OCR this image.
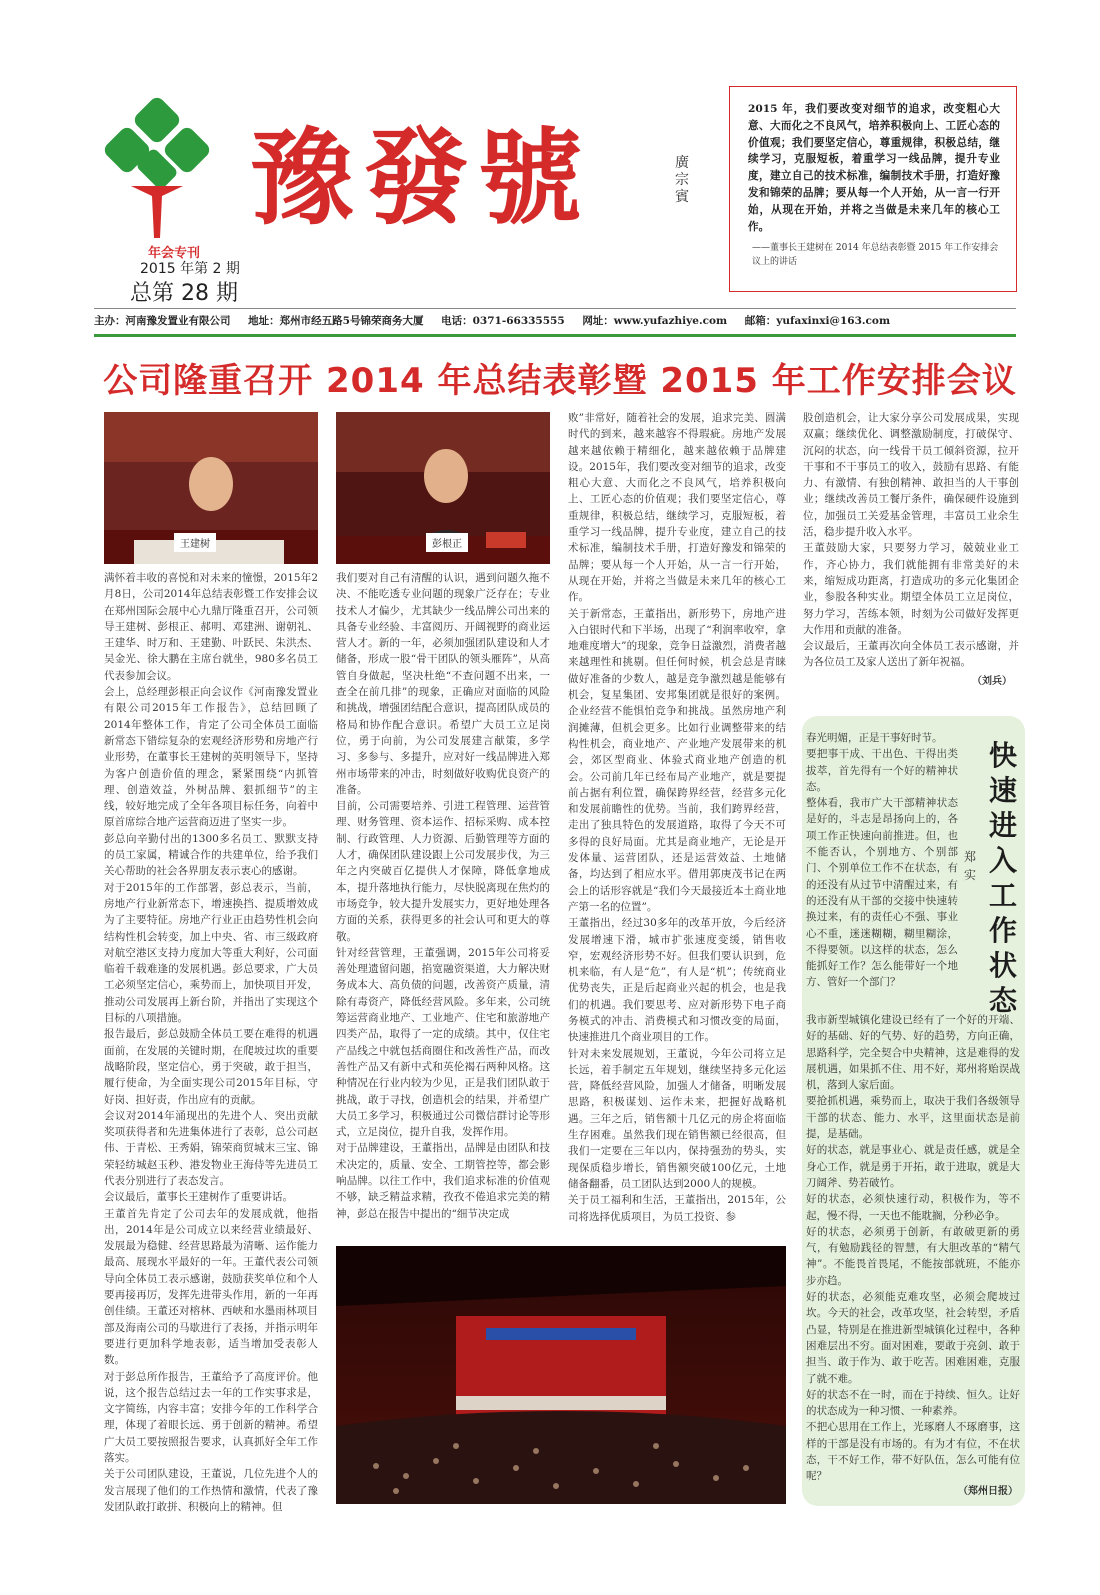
豫發號	廣宗賓
年会专刊
2015 年第 2 期
总第 28 期
2015 年，我们要改变对细节的追求，改变粗心大意、大而化之不良风气，培养积极向上、工匠心态的价值观；我们要坚定信心，尊重规律，积极总结，继续学习，克服短板，着重学习一线品牌，提升专业度，建立自己的技术标准，编制技术手册，打造好豫发和锦荣的品牌；要从每一个人开始，从一言一行开始，从现在开始，并将之当做是未来几年的核心工作。
——董事长王建树在 2014 年总结表彰暨 2015 年工作安排会议上的讲话
主办：河南豫发置业有限公司 地址：郑州市经五路5号锦荣商务大厦 电话：0371-66335555 网址：www.yufazhiye.com 邮箱：yufaxinxi@163.com
公司隆重召开 2014 年总结表彰暨 2015 年工作安排会议
王建树	彭根正
满怀着丰收的喜悦和对未来的憧憬，2015年2月8日，公司2014年总结表彰暨工作安排会议在郑州国际会展中心九鼎厅隆重召开，公司领导王建树、彭根正、郝明、邓建洲、谢朝礼、王建华、时万和、王建勤、叶跃民、朱洪杰、吴金光、徐大鹏在主席台就坐，980多名员工代表参加会议。
会上，总经理彭根正向会议作《河南豫发置业有限公司2015年工作报告》，总结回顾了2014年整体工作，肯定了公司全体员工面临新常态下错综复杂的宏观经济形势和房地产行业形势，在董事长王建树的英明领导下，坚持为客户创造价值的理念，紧紧围绕“内抓管理、创造效益，外树品牌、狠抓细节”的主线，较好地完成了全年各项目标任务，向着中原首席综合地产运营商迈进了坚实一步。
彭总向辛勤付出的1300多名员工、默默支持的员工家属，精诚合作的共建单位，给予我们关心帮助的社会各界朋友表示衷心的感谢。
对于2015年的工作部署，彭总表示，当前，房地产行业新常态下，增速换挡、提质增效成为了主要特征。房地产行业正由趋势性机会向结构性机会转变，加上中央、省、市三级政府对航空港区支持力度加大等重大利好，公司面临着千载难逢的发展机遇。彭总要求，广大员工必须坚定信心，乘势而上，加快项目开发，推动公司发展再上新台阶，并指出了实现这个目标的八项措施。
报告最后，彭总鼓励全体员工要在难得的机遇面前，在发展的关键时期，在爬坡过坎的重要战略阶段，坚定信心，勇于突破，敢于担当，履行使命，为全面实现公司2015年目标，守好岗、担好责，作出应有的贡献。
会议对2014年涌现出的先进个人、突出贡献奖项获得者和先进集体进行了表彰，总公司赵伟、于青松、王秀娟，锦荣商贸城末三宝、锦荣轻纺城赵玉秒、港发物业王海侍等先进员工代表分别进行了表态发言。
会议最后，董事长王建树作了重要讲话。
王董首先肯定了公司去年的发展成就，他指出，2014年是公司成立以来经营业绩最好、发展最为稳健、经营思路最为清晰、运作能力最高、展现水平最好的一年。王董代表公司领导向全体员工表示感谢，鼓励获奖单位和个人要再接再厉，发挥先进带头作用，新的一年再创佳绩。王董还对榕林、西峡和水墨雨林项目部及海南公司的马歇进行了表扬，并指示明年要进行更加科学地表彰，适当增加受表彰人数。
对于彭总所作报告，王董给予了高度评价。他说，这个报告总结过去一年的工作实事求是，文字简练，内容丰富；安排今年的工作科学合理，体现了着眼长远、勇于创新的精神。希望广大员工要按照报告要求，认真抓好全年工作落实。
关于公司团队建设，王董说，几位先进个人的发言展现了他们的工作热情和激情，代表了豫发团队敢打敢拼、积极向上的精神。但
我们要对自己有清醒的认识，遇到问题久拖不决、不能吃透专业问题的现象广泛存在；专业技术人才偏少，尤其缺少一线品牌公司出来的具备专业经验、丰富阅历、开阔视野的商业运营人才。新的一年，必须加强团队建设和人才储备，形成一股“骨干团队的领头雁阵”，从高管自身做起，坚决杜绝“不查问题不出来，一查全在前几排”的现象，正确应对面临的风险和挑战，增强团结配合意识，提高团队成员的格局和协作配合意识。希望广大员工立足岗位，勇于向前，为公司发展建言献策，多学习、多参与、多提升，应对好一线品牌进入郑州市场带来的冲击，时刻做好收购优良资产的准备。
目前，公司需要培养、引进工程管理、运营管理、财务管理、资本运作、招标采购、成本控制、行政管理、人力资源、后勤管理等方面的人才，确保团队建设跟上公司发展步伐，为三年之内突破百亿提供人才保障，降低拿地成本，提升落地执行能力，尽快脱离现在焦灼的市场竞争，较大提升发展实力，更好地处理各方面的关系，获得更多的社会认可和更大的尊敬。
针对经营管理，王董强调，2015年公司将妥善处理遗留问题，掐宽融资渠道，大力解决财务成本大、高负债的问题，改善资产质量，清除有毒资产，降低经营风险。多年来，公司统筹运营商业地产、工业地产、住宅和旅游地产四类产品，取得了一定的成绩。其中，仅住宅产品线之中就包括商圈住和改善性产品，而改善性产品又有新中式和英伦褐石两种风格。这种情况在行业内较为少见，正是我们团队敢于挑战，敢于寻找，创造机会的结果，并希望广大员工多学习，积极通过公司微信群讨论等形式，立足岗位，提升自我，发挥作用。
对于品牌建设，王董指出，品牌是由团队和技术决定的，质量、安全、工期管控等，都会影响品牌。以往工作中，我们追求标准的价值观不够，缺乏精益求精，孜孜不倦追求完美的精神，彭总在报告中提出的“细节决定成
败”非常好，随着社会的发展，追求完美、圆满时代的到来，越来越容不得瑕疵。房地产发展越来越依赖于精细化，越来越依赖于品牌建设。2015年，我们要改变对细节的追求，改变粗心大意、大而化之不良风气，培养积极向上、工匠心态的价值观；我们要坚定信心，尊重规律，积极总结，继续学习，克服短板，着重学习一线品牌，提升专业度，建立自己的技术标准，编制技术手册，打造好豫发和锦荣的品牌；要从每一个人开始，从一言一行开始，从现在开始，并将之当做是未来几年的核心工作。
关于新常态，王董指出，新形势下，房地产进入白银时代和下半场，出现了“利润率收窄，拿地难度增大”的现象，竞争日益激烈，消费者越来越理性和挑剔。但任何时候，机会总是青睐做好准备的少数人，越是竞争激烈越是能够有机会，复星集团、安邦集团就是很好的案例。企业经营不能惧怕竞争和挑战。虽然房地产利润摊薄，但机会更多。比如行业调整带来的结构性机会，商业地产、产业地产发展带来的机会，郊区型商业、体验式商业地产创造的机会。公司前几年已经布局产业地产，就是要提前占据有利位置，确保跨界经营，经营多元化和发展前瞻性的优势。当前，我们跨界经营，走出了独具特色的发展道路，取得了今天不可多得的良好局面。尤其是商业地产，无论是开发体量、运营团队，还是运营效益、土地储备，均达到了相应水平。借用郭庚茂书记在两会上的话形容就是“我们今天最接近本土商业地产第一名的位置”。
王董指出，经过30多年的改革开放，今后经济发展增速下滑，城市扩张速度变缓，销售收窄，宏观经济形势不好。但我们要认识到，危机来临，有人是“危”，有人是“机”；传统商业优势丧失，正是后起商业兴起的机会，也是我们的机遇。我们要思考、应对新形势下电子商务模式的冲击、消费模式和习惯改变的局面，快速推进几个商业项目的工作。
针对未来发展规划，王董说，今年公司将立足长远，着手制定五年规划，继续坚持多元化运营，降低经营风险，加强人才储备，明晰发展思路，积极谋划、运作未来，把握好战略机遇。三年之后，销售额十几亿元的房企将面临生存困难。虽然我们现在销售额已经很高，但我们一定要在三年以内，保持强劲的势头，实现保质稳步增长，销售额突破100亿元，土地储备翻番，员工团队达到2000人的规模。
关于员工福利和生活，王董指出，2015年，公司将选择优质项目，为员工投资、参
股创造机会，让大家分享公司发展成果，实现双赢；继续优化、调整激励制度，打破保守、沉闷的状态，向一线骨干员工倾斜资源，拉开干事和不干事员工的收入，鼓励有思路、有能力、有激情、有独创精神、敢担当的人干事创业；继续改善员工餐厅条件，确保硬件设施到位，加强员工关爱基金管理，丰富员工业余生活，稳步提升收入水平。
王董鼓励大家，只要努力学习，兢兢业业工作，齐心协力，我们就能拥有非常美好的未来，缩短成功距离，打造成功的多元化集团企业，参股各种实业。期望全体员工立足岗位，努力学习，苦练本领，时刻为公司做好发挥更大作用和贡献的准备。
会议最后，王董再次向全体员工表示感谢，并为各位员工及家人送出了新年祝福。
（刘兵）
快速进入工作状态
郑实
春光明媚，正是干事好时节。
要把事干成、干出色、干得出类拔萃，首先得有一个好的精神状态。
整体看，我市广大干部精神状态是好的，斗志是昂扬向上的，各项工作正快速向前推进。但，也不能否认，个别地方、个别部门、个别单位工作不在状态，有的还没有从过节中清醒过来，有的还没有从干部的交接中快速转换过来，有的责任心不强、事业心不重，迷迷糊糊，糊里糊涂，不得要领。以这样的状态，怎么能抓好工作？怎么能带好一个地方、管好一个部门？
我市新型城镇化建设已经有了一个好的开端、好的基础、好的气势、好的趋势，方向正确，思路科学，完全契合中央精神，这是难得的发展机遇，如果抓不住、用不好，郑州将贻误战机，落到人家后面。
要抢抓机遇，乘势而上，取决于我们各级领导干部的状态、能力、水平，这里面状态是前提，是基础。
好的状态，就是事业心、就是责任感，就是全身心工作，就是勇于开拓，敢于进取，就是大刀阔斧、势若破竹。
好的状态，必须快速行动，积极作为，等不起，慢不得，一天也不能耽搁，分秒必争。
好的状态，必须勇于创新，有敢破更新的勇气，有勉励践径的智慧，有大胆改革的“精气神”。不能畏首畏尾，不能按部就班，不能亦步亦趋。
好的状态，必须能克难攻坚，必须会爬坡过坎。今天的社会，改革攻坚，社会转型，矛盾凸显，特别是在推进新型城镇化过程中，各种困难层出不穷。面对困难，要敢于亮剑、敢于担当、敢于作为、敢于吃苦。困难困难，克服了就不难。
好的状态不在一时，而在于持续、恒久。让好的状态成为一种习惯、一种素养。
不把心思用在工作上，光琢磨人不琢磨事，这样的干部是没有市场的。有为才有位，不在状态，干不好工作，带不好队伍，怎么可能有位呢？
（郑州日报）
